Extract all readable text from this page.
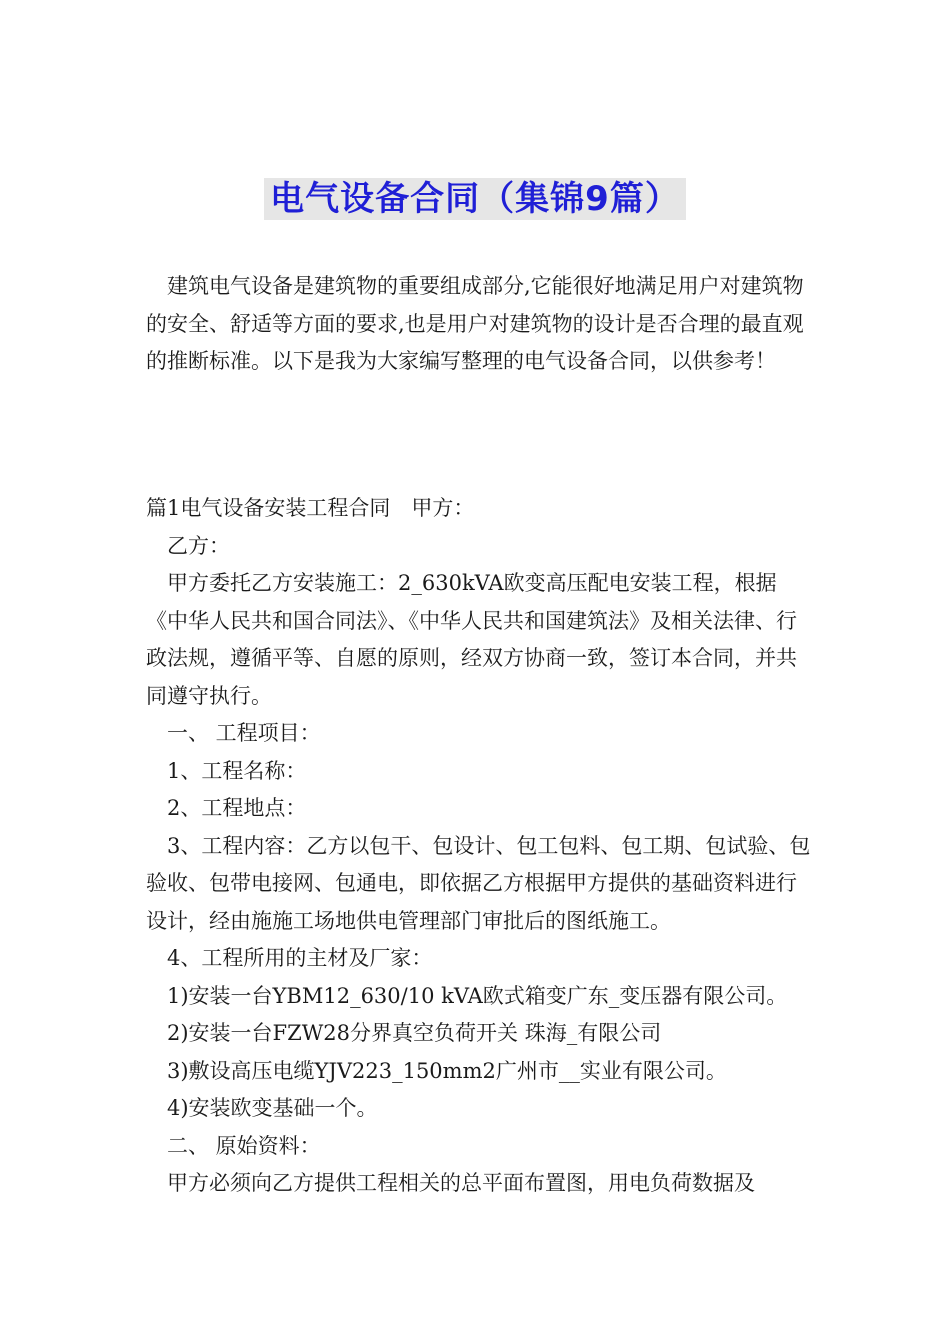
电气设备合同（集锦9篇）

建筑电气设备是建筑物的重要组成部分,它能很好地满足用户对建筑物的安全、舒适等方面的要求,也是用户对建筑物的设计是否合理的最直观的推断标准。以下是我为大家编写整理的电气设备合同，以供参考！

篇1电气设备安装工程合同　甲方：

乙方：

甲方委托乙方安装施工：2_630kVA欧变高压配电安装工程，根据《中华人民共和国合同法》、《中华人民共和国建筑法》及相关法律、行政法规，遵循平等、自愿的原则，经双方协商一致，签订本合同，并共同遵守执行。

一、 工程项目：

1、工程名称：

2、工程地点：

3、工程内容：乙方以包干、包设计、包工包料、包工期、包试验、包验收、包带电接网、包通电，即依据乙方根据甲方提供的基础资料进行设计，经由施施工场地供电管理部门审批后的图纸施工。

4、工程所用的主材及厂家：

1)安装一台YBM12_630/10 kVA欧式箱变广东_变压器有限公司。

2)安装一台FZW28分界真空负荷开关 珠海_有限公司

3)敷设高压电缆YJV223_150mm2广州市__实业有限公司。

4)安装欧变基础一个。

二、 原始资料：

甲方必须向乙方提供工程相关的总平面布置图，用电负荷数据及
